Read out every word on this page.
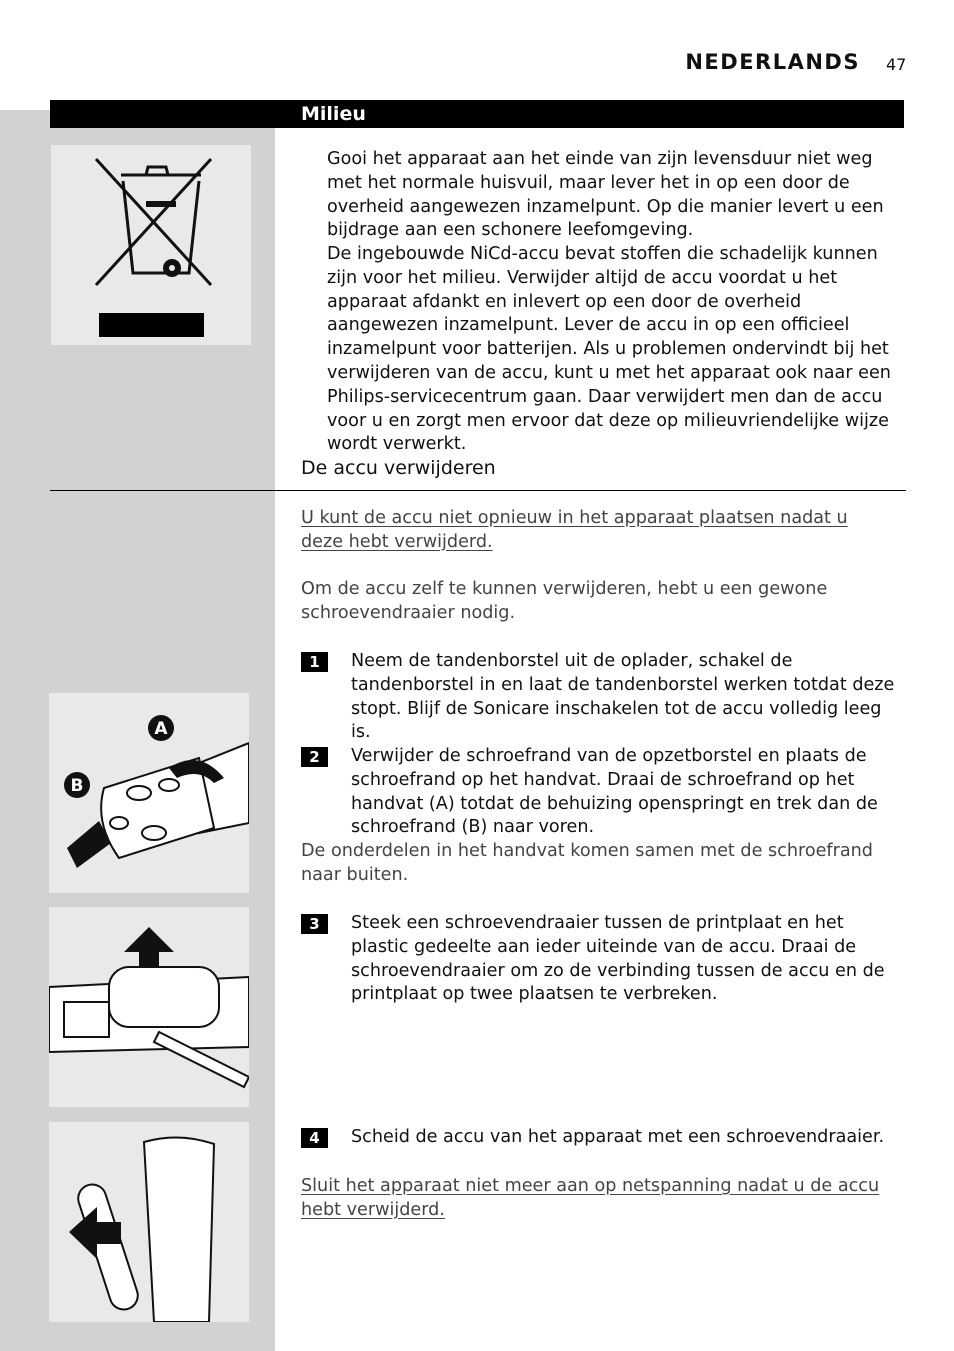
NEDERLANDS 47
Milieu
Gooi het apparaat aan het einde van zijn levensduur niet weg met het normale huisvuil, maar lever het in op een door de overheid aangewezen inzamelpunt. Op die manier levert u een bijdrage aan een schonere leefomgeving.
De ingebouwde NiCd-accu bevat stoffen die schadelijk kunnen zijn voor het milieu. Verwijder altijd de accu voordat u het apparaat afdankt en inlevert op een door de overheid aangewezen inzamelpunt. Lever de accu in op een officieel inzamelpunt voor batterijen. Als u problemen ondervindt bij het verwijderen van de accu, kunt u met het apparaat ook naar een Philips-servicecentrum gaan. Daar verwijdert men dan de accu voor u en zorgt men ervoor dat deze op milieuvriendelijke wijze wordt verwerkt.
De accu verwijderen
U kunt de accu niet opnieuw in het apparaat plaatsen nadat u deze hebt verwijderd.
Om de accu zelf te kunnen verwijderen, hebt u een gewone schroevendraaier nodig.
1	Neem de tandenborstel uit de oplader, schakel de tandenborstel in en laat de tandenborstel werken totdat deze stopt. Blijf de Sonicare inschakelen tot de accu volledig leeg is.
A
B
2	Verwijder de schroefrand van de opzetborstel en plaats de schroefrand op het handvat. Draai de schroefrand op het handvat (A) totdat de behuizing openspringt en trek dan de schroefrand (B) naar voren.
De onderdelen in het handvat komen samen met de schroefrand naar buiten.
3	Steek een schroevendraaier tussen de printplaat en het plastic gedeelte aan ieder uiteinde van de accu. Draai de schroevendraaier om zo de verbinding tussen de accu en de printplaat op twee plaatsen te verbreken.
4	Scheid de accu van het apparaat met een schroevendraaier.
Sluit het apparaat niet meer aan op netspanning nadat u de accu hebt verwijderd.
